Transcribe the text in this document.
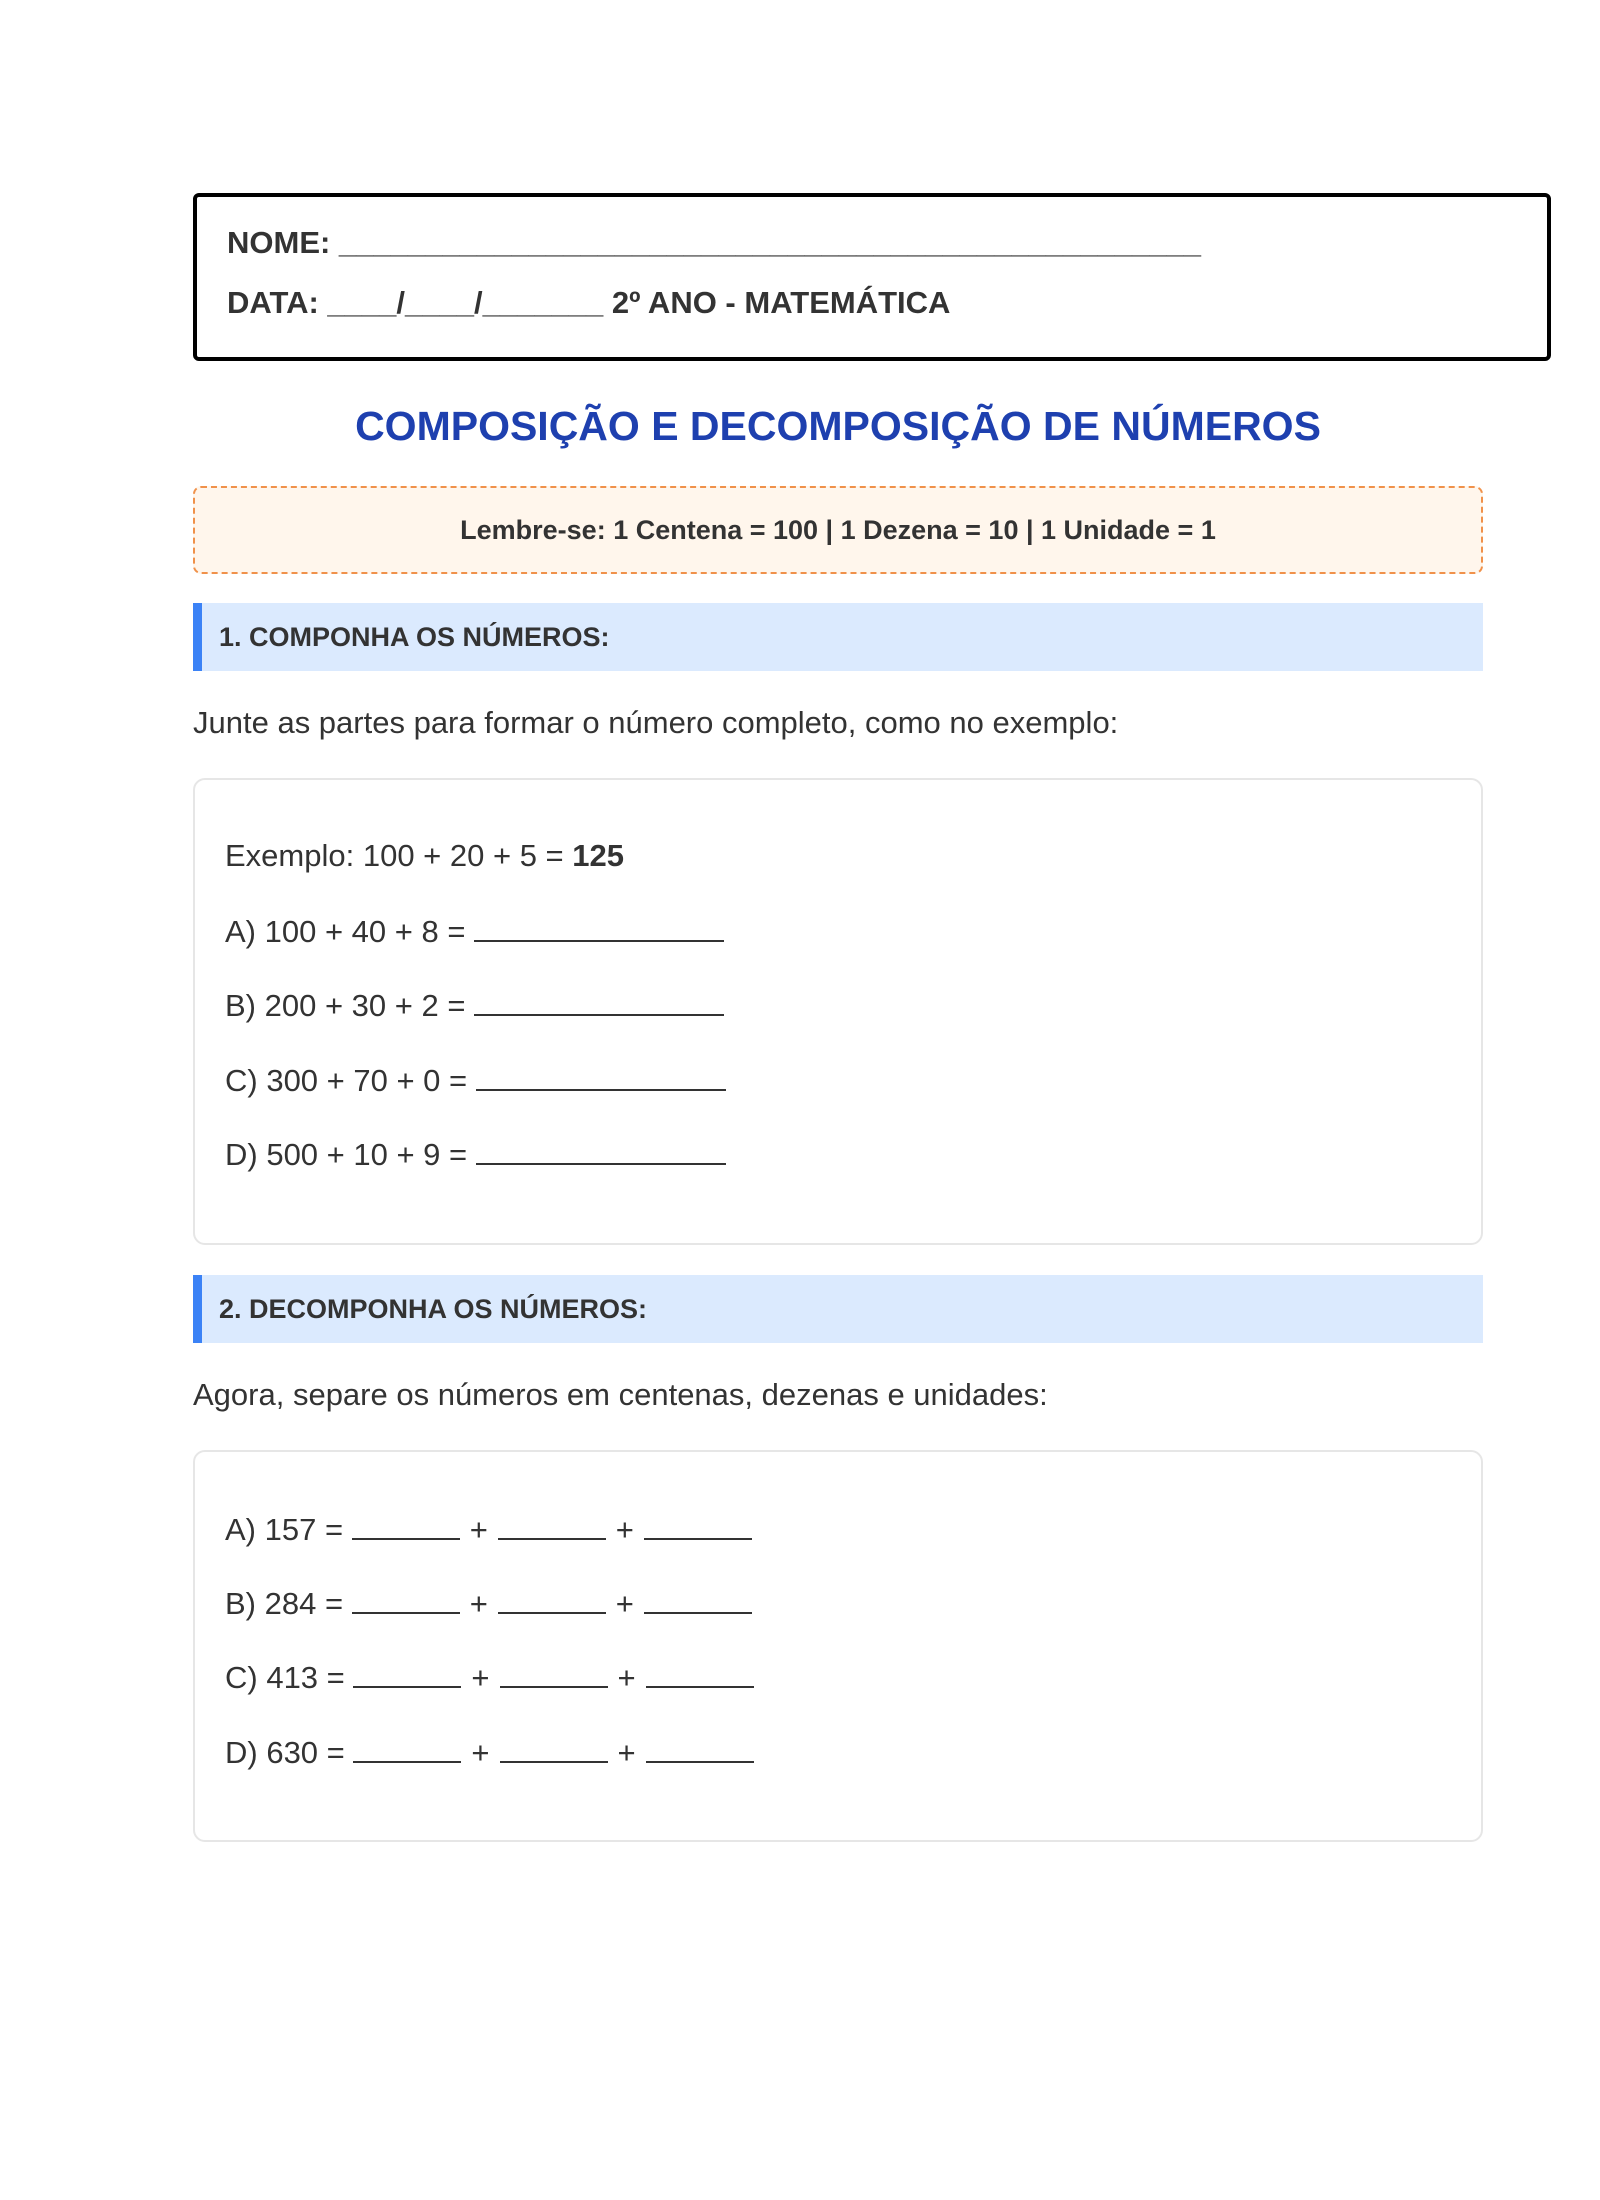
NOME: __________________________________________________
DATA: ____/____/_______ 2º ANO - MATEMÁTICA
COMPOSIÇÃO E DECOMPOSIÇÃO DE NÚMEROS
Lembre-se: 1 Centena = 100 | 1 Dezena = 10 | 1 Unidade = 1
1. COMPONHA OS NÚMEROS:
Junte as partes para formar o número completo, como no exemplo:
Exemplo: 100 + 20 + 5 = 125
A) 100 + 40 + 8 =
B) 200 + 30 + 2 =
C) 300 + 70 + 0 =
D) 500 + 10 + 9 =
2. DECOMPONHA OS NÚMEROS:
Agora, separe os números em centenas, dezenas e unidades:
A) 157 =	+	+
B) 284 =	+	+
C) 413 =	+	+
D) 630 =	+	+
